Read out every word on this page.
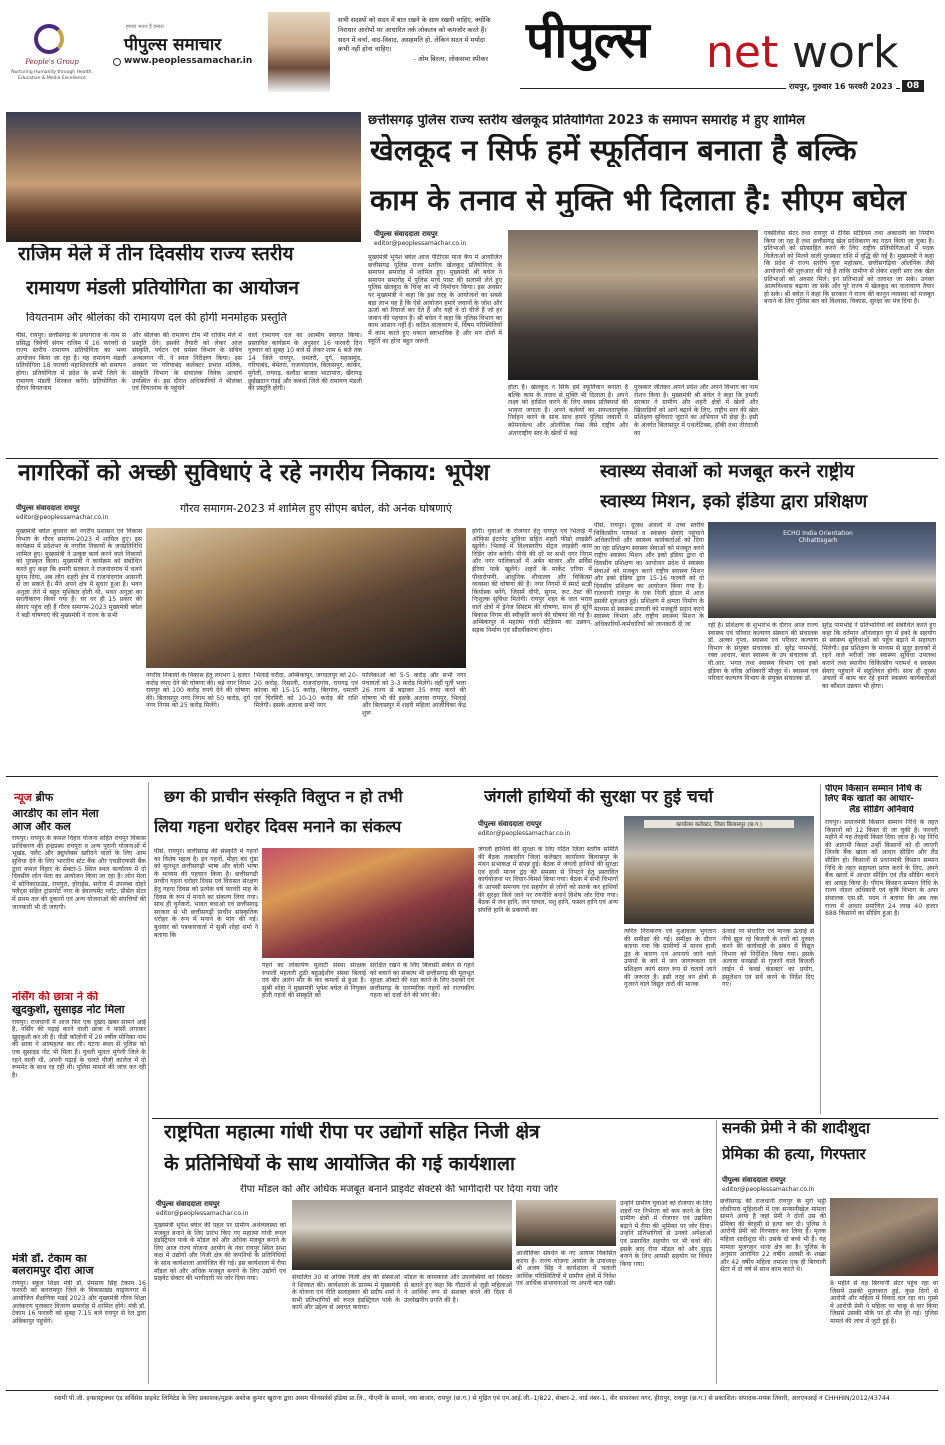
People's Group
Nurturing Humanity through Health, Education & Media Excellence
हमारा भारत है हमारा
पीपुल्स समाचार
www.peoplessamachar.in
सभी सदस्यों को सदन में बात रखने के साथ रखनी चाहिए, क्योंकि निराधार आरोपों पर आधारित तर्क लोकतंत्र को कमजोर करते हैं। सदन में चर्चा, वाद-विवाद, असहमति हो, लेकिन सदन में मर्यादा कभी नहीं होना चाहिए।
- ओम बिरला, लोकसभा स्पीकर पीपुल्स net work
रायपुर, गुरुवार 16 फरवरी 2023	08
छत्तीसगढ़ पुलिस राज्य स्तरीय खेलकूद प्रतियोगिता 2023 के समापन समारोह में हुए शामिल
खेलकूद न सिर्फ हमें स्फूर्तिवान बनाता है बल्कि
काम के तनाव से मुक्ति भी दिलाता है: सीएम बघेल
पीपुल्स संवाददाता रायपुर
editor@peoplessamachar.co.in
मुख्यमंत्री भूपेश बघेल आज पीटीएस माना कैंप में आयोजित छत्तीसगढ़ पुलिस राज्य स्तरीय खेलकूद प्रतियोगिता के समापन समारोह में शामिल हुए। मुख्यमंत्री श्री बघेल ने समापन समारोह में पुलिस मार्च पास्ट की सलामी लेते हुए पुलिस खेलकूद के चिन्ह का भी विमोचन किया। इस अवसर पर मुख्यमंत्री ने कहा कि इस तरह के आयोजनों का सबसे बड़ा लाभ यह है कि ऐसे आयोजन हमारे जवानों के जोश और ऊर्जा को रिचार्ज कर देते हैं और यही वे दो चीजें हैं जो हर जवान की पहचान है। श्री बघेल ने कहा कि पुलिस विभाग का काम आसान नहीं है। कठिन वातावरण में, विषम परिस्थितियों में काम करते हुए थकान स्वाभाविक है और मन दोनों में स्फूर्ति का होना बहुत जरूरी
होता है। खेलकूद न सिर्फ हमें स्फूर्तिवान बनाता है बल्कि काम के तनाव से मुक्ति भी दिलाता है। अपने लक्ष्य को हासिल करने के लिए स्वस्थ प्रतिस्पर्धा की भावना जगाता है। अपने कर्तव्यों का सफलतापूर्वक निर्वहन करने के साथ साथ हमारे पुलिस जवानों ने कॉमनवेल्थ और ओलंपिक गेम्स जैसे राष्ट्रीय और अंतरराष्ट्रीय स्तर के खेलों में कई
पुरस्कार जीतकर अपने प्रदेश और अपने विभाग का नाम रोशन किया है। मुख्यमंत्री श्री बघेल ने कहा कि हमारी सरकार ने ग्रामीण और शहरी क्षेत्रों में खेलों और खिलाड़ियों को आगे बढ़ाने के लिए, राष्ट्रीय स्तर की खेल प्रशिक्षण सुविधाएं जुटाने का अभियान भी छेड़ा है। इसी के अंतर्गत बिलासपुर में एथलेटिक्स, हॉकी तथा तीरंदाजी का
एक्सीलेंस सेंटर तथा रायपुर में टेनिस स्टेडियम तथा अकादमी का निर्माण किया जा रहा है तथा छत्तीसगढ़ खेल प्राधिकरण का गठन किया जा चुका है। प्रतिभाओं को प्रोत्साहित करने के लिए राष्ट्रीय प्रतियोगिताओं में पदक विजेताओं को मिलने वाली पुरस्कार राशि में वृद्धि की गई है। मुख्यमंत्री ने कहा कि प्रदेश में राज्य स्तरीय युवा महोत्सव, छत्तीसगढ़िया ओलंपिक जैसे आयोजनों की शुरुआत की गई है ताकि ग्रामीण से लेकर शहरी स्तर तक खेल प्रतिभाओं को अवसर मिले। इन प्रतिभाओं को तलाशा जा सके। उनका आत्मविश्वास बढ़ाया जा सके और पूरे राज्य में खेलकूद का वातावरण तैयार हो सके। श्री बघेल ने कहा कि सरकार ने राज्य की कानून व्यवस्था को मजबूत बनाने के लिए पुलिस बल को विश्वास, विकास, सुरक्षा का मंत्र दिया है।
राजिम मेले में तीन दिवसीय राज्य स्तरीय
रामायण मंडली प्रतियोगिता का आयोजन
वियतनाम और श्रीलंका की रामायण दल की होगी मनमोहक प्रस्तुति
पीसं, रायपुर। छत्तीसगढ़ के प्रयागराज के नाम से प्रसिद्ध त्रिवेणी संगम राजिम में 16 फरवरी से राज्य स्तरीय रामायण प्रतियोगिता का भव्य आयोजन किया जा रहा है। यह रामायण मंडली प्रतियोगिता 18 फरवरी महाशिवरात्रि को समापन होगा। प्रतियोगिता में प्रदेश के सभी जिले के रामायण मंडली शिरकत करेंगे। प्रतियोगिता के दौरान वियतनाम
और श्रीलंका की रामायण टीम भी राजिम मेले में प्रस्तुति देंगे। इसकी तैयारी को लेकर आज संस्कृति, पर्यटन एवं धर्मस्व विभाग के सचिव अन्बलगन पी. ने स्थल निरीक्षण किया। इस अवसर पर गरियाबंद कलेक्टर प्रभात मलिक, संस्कृति विभाग के संचालक विवेक आचार्य उपस्थित थे। इस दौरान अधिकारियों ने श्रीलंका एवं वियतनाम के पहुंचने
वाले रामायण दल का आत्मीय स्वागत किया। प्रस्तावित कार्यक्रम के अनुसार 16 फरवरी दिन गुरुवार को सुबह 10 बजे से लेकर शाम 6 बजे तक 14 जिले रायपुर, धमतरी, दुर्ग, महासमुंद, गरियाबंद, बेमेतरा, राजनांदगांव, बिलासपुर, कांकेर, मुंगेली, रायगढ़, बलौदा बाजार भाटापारा, खैरागढ़ छुईखदान गंडई और कबर्धा जिले की रामायण मंडली की प्रस्तुति होगी।
नागरिकों को अच्छी सुविधाएं दे रहे नगरीय निकाय: भूपेश
पीपुल्स संवाददाता रायपुर
editor@peoplessamachar.co.in
गौरव समागम-2023 में शामिल हुए सीएम बघेल, की अनेक घोषणाएं
मुख्यमंत्री बघेल बुधवार को नगरीय प्रशासन एवं विकास विभाग के गौरव समागम-2023 में शामिल हुए। इस कार्यक्रम में प्रदेशभर के नगरीय निकायों के जनप्रतिनिधि शामिल हुए। मुख्यमंत्री ने उत्कृष्ट कार्य करने वाले निकायों को पुरस्कृत किया। मुख्यमंत्री ने कार्यक्रम को संबोधित करते हुए कहा कि हमारी सरकार ने राजनांदगांव में चलने सुगम दिया, अब लोग शहरी क्षेत्र में राजनांदगांव आसानी से जा सकते हैं। मैंने अपने क्षेत्र में सुधार हुआ है। भवन अनुज्ञा लेने में बहुत मुश्किल होती थी, भवन अनुज्ञा का सरलीकरण किया गया है। घर घर ही 15 प्रकार की सेवाएं पहुंच रही हैं गौरव समागम-2023 मुख्यमंत्री बघेल ने बड़ी घोषणाएं की मुख्यमंत्री ने राज्य के सभी
नगरीय निकायों के विकास हेतु लगभग 1 हजार करोड़ रुपए देने की घोषणा की। बड़े नगर निगम रायपुर को 100 करोड़ रुपये देने की घोषणा की। बिलासपुर नगर निगम को 50 करोड़, दुर्ग नगर निगम को 25 करोड़ मिलेंगे।
भिलाई चरौदा, अम्बिकापुर, जगदलपुर को 20-20 करोड़, रिसाली, राजनांदगांव, रायगढ़ एवं कोरबा को 15-15 करोड़, बिरगांव, धमतरी एवं चिरमिरी को 10-10 करोड़ की राशि मिलेगी। इसके अलावा सभी नगर
पालिकाओं को 5-5 करोड़ और सभी नगर पंचायतों को 3-3 करोड़ मिलेंगे। वहीं पूर्ती भत्ता 26 राज्य से बढ़ाकर 35 रुपए करने की घोषणा भी की इसके अलावा रायपुर, भिलाई और बिलासपुर में शहरी महिला आजीविका केंद्र शुरू
होंगी। युवाओं के रोजगार हेतु रायपुर एवं भिलाई में ऑफिस इंटरनेट सुविधा सहित शहरी फीडो लाइब्रेरी खुलेंगे। भिलाई में विश्वस्तरीय सेंट्रल लाइब्रेरी काम रिडिंग जोन बनेगी। पीपी की दरें पर सभी नगर निगम और नगर पालिकाओं में अर्बन बाजार और सर्विस ईरिया पाकें खुलेंगे। शहरों के मार्केट एरिया में पौधारोपणी, आधुनिक शौचालय और चिकित्सा व्यवस्था की घोषणा की है। नगर निगमों में स्मार्ट स्टडी कियोस्क बनेंगे, जिसमें वीपी, सुगम, रूट टेस्ट की निःशुल्क सुविधा मिलेगी। रायपुर शहर के जल भराव वाले क्षेत्रों में ड्रेनेज सिस्टम की घोषणा, साथ ही सूचि बिकास निगम की स्वीकृति करने की घोषणा की गई है। अम्बिकापुर में महात्मा गांधी स्टेडियम का उन्नयन, सड़क निर्माण एवं सौंदर्यीकरण होगा।
स्वास्थ्य सेवाओं को मजबूत करने राष्ट्रीय
स्वास्थ्य मिशन, इको इंडिया द्वारा प्रशिक्षण
पीसं, रायपुर। दूरस्थ अंचलों में उच्च स्तरीय चिकित्सीय परामर्श व स्वास्थ्य सेवाएं पहुंचाने अधिकारियों और स्वास्थ्य कार्यकर्ताओं को दिया जा रहा प्रशिक्षण स्वास्थ्य सेवाओं को मजबूत करने राष्ट्रीय स्वास्थ्य मिशन और इको इंडिया द्वारा दो दिवसीय प्रशिक्षण का आयोजन प्रदेश में स्वास्थ्य सेवाओं को मजबूत करने राष्ट्रीय स्वास्थ्य मिशन और इको इंडिया द्वारा 15-16 फरवरी को दो दिवसीय प्रशिक्षण का आयोजन किया गया है। राजधानी रायपुर के एक निजी होटल में आज इसकी शुरुआत हुई। प्रशिक्षण में क्षमता निर्माण के माध्यम से स्वास्थ्य प्रणाली को मजबूती प्रदान करने स्वास्थ्य विभाग और राष्ट्रीय स्वास्थ्य मिशन के अधिकारियों-कर्मचारियों को जानकारी दी जा
ECHO India Orientation Chhattisgarh
रही है। प्रशिक्षण के शुभारंभ के दौरान आज राज्य स्वास्थ्य एवं परिवार कल्याण संस्थान की संचालक डॉ. अल्का गुप्ता, स्वास्थ्य एवं परिवार कल्याण विभाग के संयुक्त संचालक डॉ. सुरेंद्र पामभोई, रक्त आधान, बाल स्वास्थ्य के उप संचालक डॉ. वी.आर. भगत तथा स्वास्थ्य विभाग एवं इको इंडिया के वरिष्ठ अधिकारी मौजूद थे। स्वास्थ्य एवं परिवार कल्याण विभाग के संयुक्त संचालक डॉ.
सुरेंद्र पामभोई ने प्रतिभागियों को संबोधित करते हुए कहा कि वर्तमान ऑनलाइन युग में इको के सहयोग से स्वास्थ्य सुविधाओं को पहुंच बढ़ाने में सहायता मिलेगी। इस प्रशिक्षण के माध्यम से सुदूर इलाकों में रहने वाले मरीजों तक स्वास्थ्य सुविधा उपलब्ध कराने तथा स्थानीय चिकित्सीय परामर्श व स्वास्थ्य सेवाएं पहुंचाने में सहूलियत होगी। साथ ही दूरस्थ अंचलों में काम कर रहे हमारे स्वास्थ्य कार्यकर्ताओं का कौशल उन्नयन भी होगा।
न्यूज ब्रीफ
आरडीए का लोन मेला
आज और कल
रायपुर। रायपुर के कमल विहार योजना सहित रायपुर विकास प्राधिकरण की इन्द्रप्रस्थ रायपुरा व अन्य पुरानी योजनाओं में भूखंड, फ्लैट और ड्युप्लेक्स खरीदने वालों के लिए आम सुविधा देने के लिए भारतीय स्टेट बैंक और एचडीएफसी बैंक द्वारा कमल विहार के सेक्टर-5 स्थित स्थल कार्यालय में दो दिवसीय लोन मेला का आयोजन किया जा रहा है। लोन मेला में सोनिकाग्राउंड, रायपुरा, होराईस, सरोना में उपलब्ध दोहरे फ्लैट्स सहित ट्रांसपोर्ट नगर के डेवलपमेंट प्लॉट, प्रीसेल सेंटर में प्रथम तल की दुकानों एवं अन्य योजनाओं की संपत्तियों की जानकारी भी दी जाएगी।
नर्सिंग की छात्रा ने की
खुदकुशी, सुसाइड नोट मिला
रायपुर। राजधानी में आज फिर एक दुखद खबर सामने आई है, नर्सिंग की पढ़ाई करने वाली छात्रा ने फांसी लगाकर खुदकुशी कर ली है। पीडी कॉलोनी में 20 वर्षीय मोनिका नाम की छात्रा ने आत्महत्या कर ली। घटना स्थल से पुलिस को एक सुसाइड नोट भी मिला है। युवती मूलतः मुंगेली जिले के रहने वाली थी, अपनी पढ़ाई के चलते पीजी कालेज में दो रूममेट के साथ रह रही थी। पुलिस मामले की जांच कर रही है।
मंत्री डॉ. टेकाम का
बलरामपुर दौरा आज
रायपुर। स्कूल शिक्षा मंत्री डॉ. प्रेमसाय सिंह टेकाम 16 फरवरी को बलरामपुर जिले के विकासखंड वाड्रफनगर में आयोजित शैक्षणिक मड़ई 2023 और मुख्यमंत्री गौरव शिक्षा अलंकरण पुरस्कार वितरण समारोह में शामिल होंगे। मंत्री डॉ. टेकाम 16 फरवरी को सुबह 7.15 बजे रायपुर से रेल द्वारा अंबिकापुर पहुंचेंगे।
छग की प्राचीन संस्कृति विलुप्त न हो तभी
लिया गहना धरोहर दिवस मनाने का संकल्प
पीसं, रायपुर। छत्तीसगढ़ की संस्कृति में गहनों का विशेष महत्व है। इन गहनों, मीहर बंद गुंडा को मूलभूत छत्तीसगढ़ी भाषा और बोली भाषा के माध्यम की पहचान किया है। छत्तीसगढ़ी प्राचीन गहना धरोहर दिवस एवं विरासत संरक्षण हेतु गहना दिवस को प्रत्येक वर्ष फरवरी माह के दिवस के रूप में मनाने का संकल्प लिया गया। साथ ही चुनेकरो, भावत बचाओ एवं छत्तीसगढ़ सरकार से भी छत्तीसगढ़ी प्राचीन सांस्कृतिक धरोहर के रूप में मनाने के मांग की गई। बुधवार को पत्रकारवार्ता में सुश्री शोहा शर्मा ने बताया कि
गहने का लोकार्पण मुलाटी संस्था संरक्षक रुपाली महतारी ठुठी बहुउद्देशीय संस्था बिलाई एवं बीर अलंग मौर के कर कमलों से हुआ है। सुश्री शोहा ने मुख्यमंत्री भूपेश बघेल से नियुक्त होती गहनों की संस्कृति को
संरक्षित रखने के लिए बिलासी संकेत से गहने को बचाने का संकल्प भी छत्तीसगढ़ की मूलभूत सुरक्षा ऑक्टो की रक्षा करने के लिए दशकों एवं छत्तीसगढ़ के पारम्परिक गहनों को राज्यकीय गहना को दर्जा देने की मांग की।
जंगली हाथियों की सुरक्षा पर हुई चर्चा
पीपुल्स संवाददाता रायपुर
editor@peoplessamachar.co.in
कार्यालय कलेक्टर, जिला बिलासपुर (छ.ग.)
जंगली हाथियों की सुरक्षा के लिए गठित जिला स्तरीय समिति की बैठक तत्कालीन जिला कलेक्टर कार्यालय बिलासपुर के मंथन सभाकक्ष में संपन्न हुई। बैठक में जंगली हाथियों की सुरक्षा एवं हाथी मानव द्वंद की समस्या से निपटने हेतु प्रस्तावित कार्ययोजना पर विचार-विमर्श किया गया। बैठक में सभी विभागों के आपसी समन्वय एवं सहयोग से लोगों को सतर्क कर हाथियों की सुरक्षा किये जाने पर रणनीति बनाने विशेष जोर दिया गया। बैठक में जन हानि, जन घायल, पशु हानि, फसल हानि एवं अन्य संपत्ति हानि के प्रकरणों का
त्वरित निराकरण एवं मुआवजा भुगतान की समीक्षा की गई। समीक्षा के दौरान बताया गया कि ग्रामीणों में मानव हाथी द्वंद के कारण एवं अपनाये जाने वाले उपायों के बारे में जन जागरूकता एवं प्रशिक्षण कार्य सतत रूप से चलाये जाने की जरूरत है। इसी तरह वन क्षेत्रों से गुजरने वाले विद्युत तारों की मानक
ऊंचाई पर संधारित एवं मानक ऊंचाई से नीचे झूल रहे बिजली के तारों को दुरुस्त करने की कार्यवाही के संबंध में विद्युत विभाग को निर्देशित किया गया। इसके अलावा वनखंडों से गुजरने वाले बिजली लाईन में कवर्ड कंडक्टर का प्रयोग, इंसुलेशन एवं सर्वे करने के निर्देश दिए गए।
पीएम किसान सम्मान निधि के
लिए बैंक खातों का आधार-
लैंड सीडिंग अनिवार्य
रायपुर। प्रधानमंत्री किसान सम्मान निधि के तहत किसानों को 12 किस्त दी जा चुकी है। फरवरी महीने में यह तेरहवीं किस्त दिया जाना है। यह निधि की आगामी किस्त उन्हीं किसानों को दी जाएगी जिनके बैंक खाता को आधार सीडिंग और लैंड सीडिंग हो। किसानों से प्रधानमंत्री किसान सम्मान निधि के तहत सहायता प्राप्त करने के लिए, अपने बैंक खातों में आधार सीडिंग एवं लैंड सीडिंग कराने का आग्रह किया है। पीएम किसान सम्मान निधि के राज्य नोडल अधिकारी एवं कृषि विभाग के अपर संचालक एस.सी. पदम ने बताया कि अब तक राज्य में आधार प्रमाणित 24 लाख 40 हजार 888 किसानों का सीडिंग हुआ है।
राष्ट्रपिता महात्मा गांधी रीपा पर उद्योगों सहित निजी क्षेत्र
के प्रतिनिधियों के साथ आयोजित की गई कार्यशाला
रीपा मॉडल को और अधिक मजबूत बनाने प्राइवेट सेक्टर्स की भागीदारी पर दिया गया जोर
पीपुल्स संवाददाता रायपुर
editor@peoplessamachar.co.in
मुख्यमंत्री भूपेश बघेल की पहल पर ग्रामीण अर्थव्यवस्था को मजबूत बनाने के लिए प्रारंभ किए गए महात्मा गांधी रूरल इंडस्ट्रियल पार्क के मॉडल को और अधिक मजबूत बनाने के लिए आज राज्य योजना आयोग के नवा रायपुर स्थित सभा कक्ष में उद्योगों और निजी क्षेत्र की कंपनियों के प्रतिनिधियों के साथ कार्यशाला आयोजित की गई। इस कार्यशाला में रीपा मॉडल को और अधिक मजबूत बनाने के लिए उद्योगों एवं प्राइवेट सेक्टर की भागीदारी पर जोर दिया गया।	संचालित 30 से अधिक निजी क्षेत्र की संस्थाओं ने शिरकत की। कार्यशाला के प्रारम्भ में मुख्यमंत्री के योजना एवं नीति सलाहकार श्री प्रदीप शर्मा ने सभी प्रतिभागियों को रूरल इंडस्ट्रियल पार्क के कार्य और उद्देश्य से अवगत कराया।
मॉडल के कामकाज और उपलब्धियों को विस्तार से बताते हुए कहा कि गौठानों से जुड़ी महिलाओं ने आर्थिक रूप से सशक्त बनने की दिशा में उल्लेखनीय प्रगति की है।
आजीविका संवर्धन के नए आयाम विकसित करना है। राज्य योजना आयोग के उपाध्यक्ष श्री अजय सिंह ने कार्यशाला में चलाती आर्थिक परिस्थितियों में ग्रामीण क्षेत्रों में निवेश एवं आर्थिक संभावनाओं पर अपनी बात रखी।
उन्होंने ग्रामीण युवाओं को रोजगार के लिए शहरों पर निर्भरता को कम करने के लिए ग्रामीण क्षेत्रों में रोजगार एवं उद्यमिता बढ़ाने में रीपा की भूमिका पर जोर दिया। उन्होंने प्रतिभागियों से उनको अपेक्षाओं एवं प्रस्तावित सहयोग पर भी चर्चा की। इसके बाद रीपा मॉडल को और सुदृढ़ बनाने के लिए आपसी सहयोग पर विचार किया गया।
सनकी प्रेमी ने की शादीशुदा
प्रेमिका की हत्या, गिरफ्तार
पीपुल्स संवाददाता रायपुर
editor@peoplessamachar.co.in
छत्तीसगढ़ की राजधानी रायपुर के मुर्रा भट्ठी लोधीपारा मुहिलाशी में एक सनसनीखेज मामला सामने आया है जहां प्रेमी ने दोनों उस की प्रेमिका की बेरहमी से हत्या कर दी। पुलिस ने आरोपी प्रेमी को गिरफ्तार कर लिया है। मृतक महिला शादीशुदा थी। उसके दो बच्चे भी हैं। यह मामला मुजगहन थाना क्षेत्र का है। पुलिस के अनुसार आरोपित 22 वर्षीय अलसी के शख्स और 42 वर्षीय महिला तमाशा एक ही बिरयानी सेंटर में दो वर्ष से साथ काम करते थे।
8 महीने से वह बिरयानी सेंटर पहुंच रहा था जिसमें उसकी मुलाकात हुई, कुछ दिनों से आरोपी और महिला में विवाद चल रहा था। गुस्से में आरोपी प्रेमी ने महिला पर चाकू से वार किया जिससे उसकी मौके पर ही मौत हो गई। पुलिस मामले की जांच में जुटी हुई है।
स्वामी पी.जी. इन्फ्रास्ट्रक्चर एंड सर्विसेस प्राइवेट लिमिटेड के लिए प्रकाशक/मुद्रक अशोक कुमार खुराना द्वारा असम फीनसर्वर्स इंडिया प्रा.लि., पीएमी के सामने, नया बाजार, रायपुर (छ.ग.) से मुद्रित एवं एम.आई.जी.-1/822, सेक्टर-2, वार्ड नंबर-1, वीर सावरकर नगर, हीरापुर, रायपुर (छ.ग.) से प्रकाशित। संपादक-मयंक तिवारी, आरएनआई नं CHHHIN/2012/43744
